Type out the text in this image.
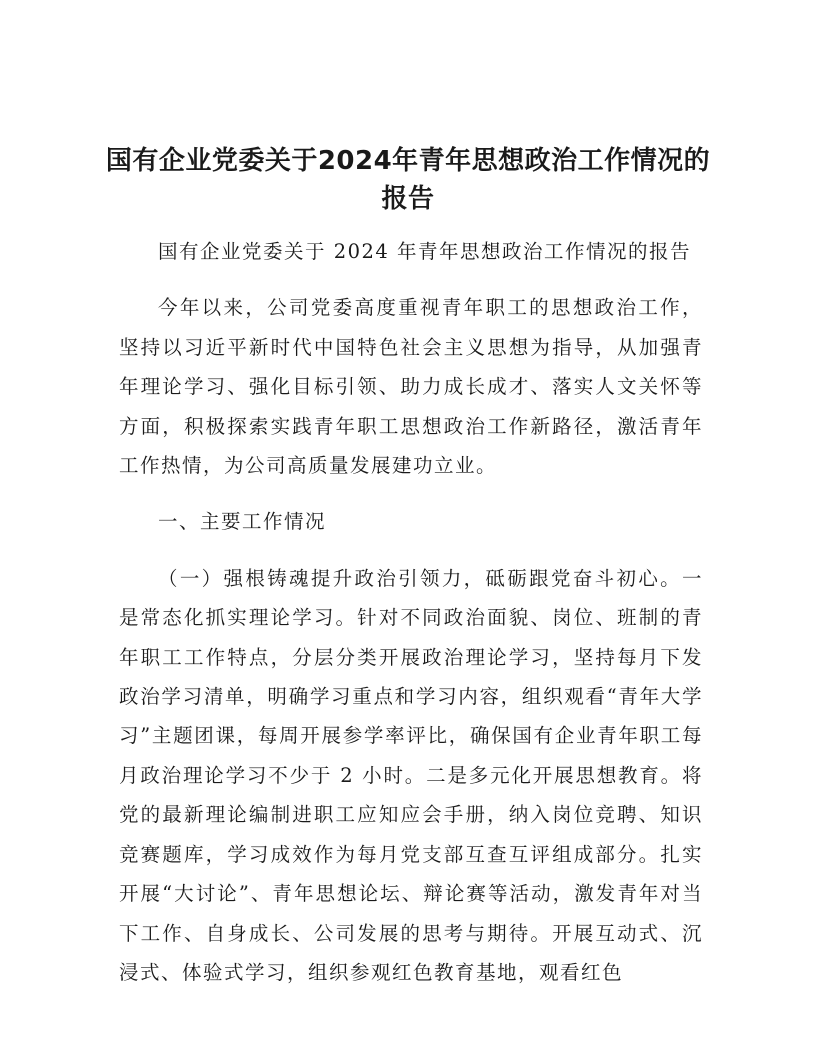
国有企业党委关于2024年青年思想政治工作情况的报告

国有企业党委关于 2024 年青年思想政治工作情况的报告

今年以来，公司党委高度重视青年职工的思想政治工作，坚持以习近平新时代中国特色社会主义思想为指导，从加强青年理论学习、强化目标引领、助力成长成才、落实人文关怀等方面，积极探索实践青年职工思想政治工作新路径，激活青年工作热情，为公司高质量发展建功立业。

一、主要工作情况

（一）强根铸魂提升政治引领力，砥砺跟党奋斗初心。一是常态化抓实理论学习。针对不同政治面貌、岗位、班制的青年职工工作特点，分层分类开展政治理论学习，坚持每月下发政治学习清单，明确学习重点和学习内容，组织观看“青年大学习”主题团课，每周开展参学率评比，确保国有企业青年职工每月政治理论学习不少于 2 小时。二是多元化开展思想教育。将党的最新理论编制进职工应知应会手册，纳入岗位竞聘、知识竞赛题库，学习成效作为每月党支部互查互评组成部分。扎实开展“大讨论”、青年思想论坛、辩论赛等活动，激发青年对当下工作、自身成长、公司发展的思考与期待。开展互动式、沉浸式、体验式学习，组织参观红色教育基地，观看红色
